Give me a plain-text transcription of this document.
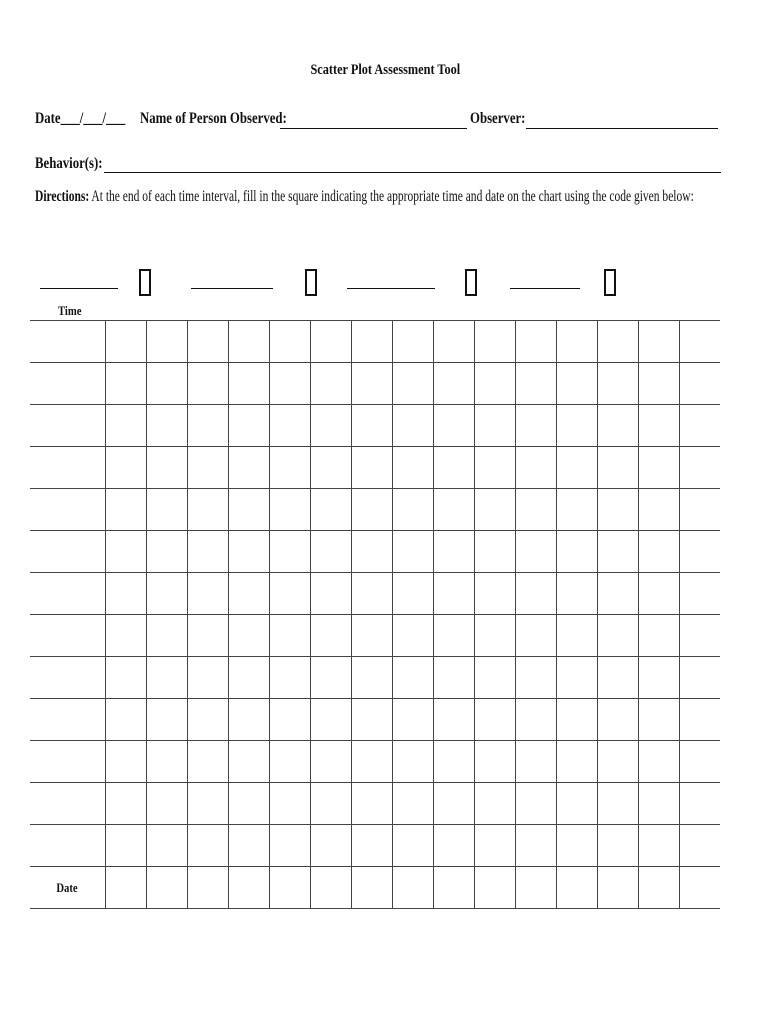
Scatter Plot Assessment Tool
Date___/___/___ Name of Person Observed:	Observer:
Behavior(s):
Directions: At the end of each time interval, fill in the square indicating the appropriate time and date on the chart using the code given below:
Time

Date															
